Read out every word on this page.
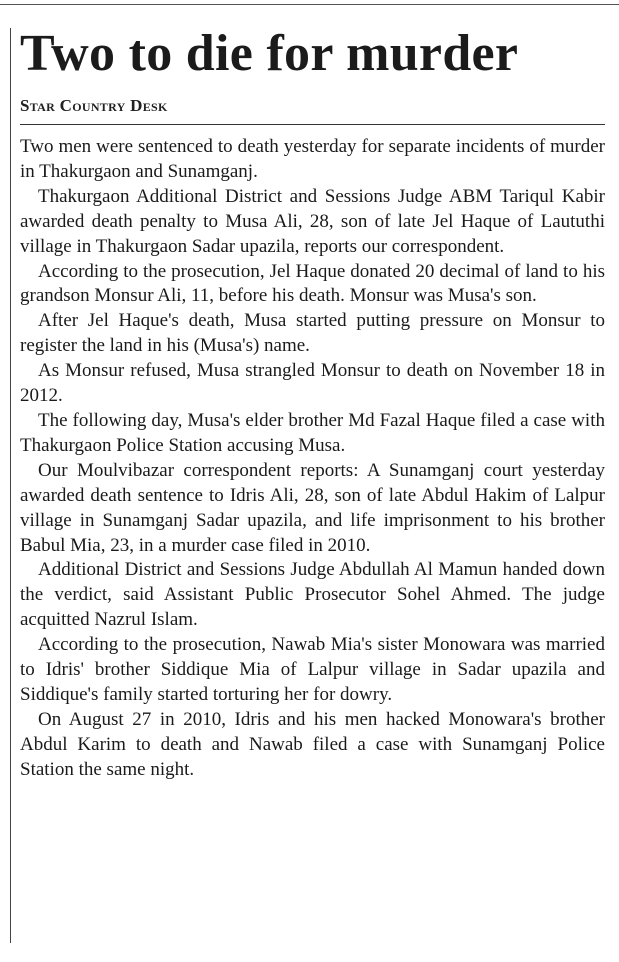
Two to die for murder
Star Country Desk

Two men were sentenced to death yesterday for separate incidents of murder in Thakurgaon and Sunamganj.

Thakurgaon Additional District and Sessions Judge ABM Tariqul Kabir awarded death penalty to Musa Ali, 28, son of late Jel Haque of Laututhi village in Thakurgaon Sadar upazila, reports our correspondent.

According to the prosecution, Jel Haque donated 20 decimal of land to his grandson Monsur Ali, 11, before his death. Monsur was Musa's son.

After Jel Haque's death, Musa started putting pressure on Monsur to register the land in his (Musa's) name.

As Monsur refused, Musa strangled Monsur to death on November 18 in 2012.

The following day, Musa's elder brother Md Fazal Haque filed a case with Thakurgaon Police Station accusing Musa.

Our Moulvibazar correspondent reports: A Sunamganj court yesterday awarded death sentence to Idris Ali, 28, son of late Abdul Hakim of Lalpur village in Sunamganj Sadar upazila, and life imprisonment to his brother Babul Mia, 23, in a murder case filed in 2010.

Additional District and Sessions Judge Abdullah Al Mamun handed down the verdict, said Assistant Public Prosecutor Sohel Ahmed. The judge acquitted Nazrul Islam.

According to the prosecution, Nawab Mia's sister Monowara was married to Idris' brother Siddique Mia of Lalpur village in Sadar upazila and Siddique's family started torturing her for dowry.

On August 27 in 2010, Idris and his men hacked Monowara's brother Abdul Karim to death and Nawab filed a case with Sunamganj Police Station the same night.
